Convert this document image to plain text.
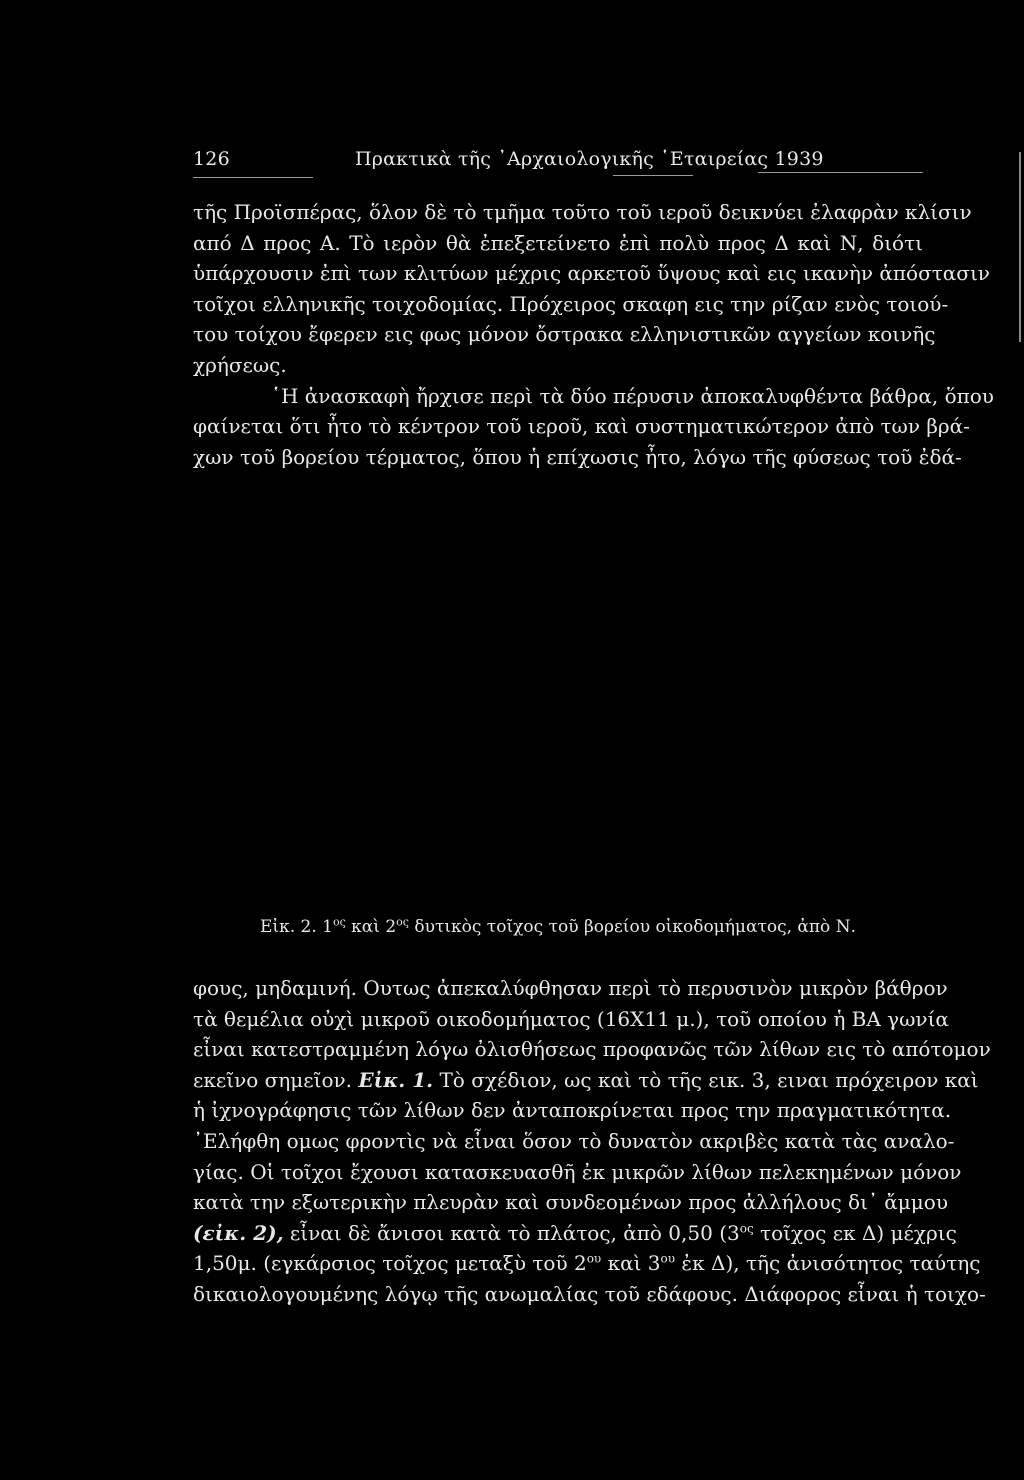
126	Πρακτικὰ τῆς ᾿Αρχαιολογικῆς ῾Εταιρείας 1939
τῆς Προϊσπέρας, ὅλον δὲ τὸ τμῆμα τοῦτο τοῦ ιεροῦ δεικνύει ἐλαφρὰν κλίσιν
από Δ προς Α. Τὸ ιερὸν θὰ ἐπεξετείνετο ἐπὶ πολὺ προς Δ καὶ Ν, διότι
ὑπάρχουσιν ἐπὶ των κλιτύων μέχρις αρκετοῦ ὕψους καὶ εις ικανὴν ἀπόστασιν
τοῖχοι ελληνικῆς τοιχοδομίας. Πρόχειρος σκαφη εις την ρίζαν ενὸς τοιού-
του τοίχου ἔφερεν εις φως μόνον ὄστρακα ελληνιστικῶν αγγείων κοινῆς
χρήσεως.
῾Η ἀνασκαφὴ ἤρχισε περὶ τὰ δύο πέρυσιν ἀποκαλυφθέντα βάθρα, ὅπου
φαίνεται ὅτι ἦτο τὸ κέντρον τοῦ ιεροῦ, καὶ συστηματικώτερον ἀπὸ των βρά-
χων τοῦ βορείου τέρματος, ὅπου ἡ επίχωσις ἦτο, λόγω τῆς φύσεως τοῦ ἐδά-
Εἰκ. 2. $1^{o\varsigma}$ καὶ $2^{o\varsigma}$ δυτικὸς τοῖχος τοῦ βορείου οἰκοδομήματος, ἀπὸ Ν.
φους, μηδαμινή. Ουτως ἀπεκαλύφθησαν περὶ τὸ περυσινὸν μικρὸν βάθρον
τὰ θεμέλια οὐχὶ μικροῦ οικοδομήματος (16Χ11 μ.), τοῦ οποίου ἡ ΒΑ γωνία
εἶναι κατεστραμμένη λόγω ὀλισθήσεως προφανῶς τῶν λίθων εις τὸ απότομον
εκεῖνο σημεῖον. Εἰκ. 1. Τὸ σχέδιον, ως καὶ τὸ τῆς εικ. 3, ειναι πρόχειρον καὶ
ἡ ἰχνογράφησις τῶν λίθων δεν ἀνταποκρίνεται προς την πραγματικότητα.
᾿Ελήφθη ομως φροντὶς νὰ εἶναι ὅσον τὸ δυνατὸν ακριβὲς κατὰ τὰς αναλο-
γίας. Οἱ τοῖχοι ἔχουσι κατασκευασθῆ ἐκ μικρῶν λίθων πελεκημένων μόνον
κατὰ την εξωτερικὴν πλευρὰν καὶ συνδεομένων προς ἀλλήλους δι᾿ ἄμμου
(εἰκ. 2), εἶναι δὲ ἄνισοι κατὰ τὸ πλάτος, ἀπὸ 0,50 ($3^{o\varsigma}$ τοῖχος εκ Δ) μέχρις
1,50μ. (εγκάρσιος τοῖχος μεταξὺ τοῦ $2^{o\upsilon}$ καὶ $3^{o\upsilon}$ ἐκ Δ), τῆς ἀνισότητος ταύτης
δικαιολογουμένης λόγῳ τῆς ανωμαλίας τοῦ εδάφους. Διάφορος εἶναι ἡ τοιχο-
